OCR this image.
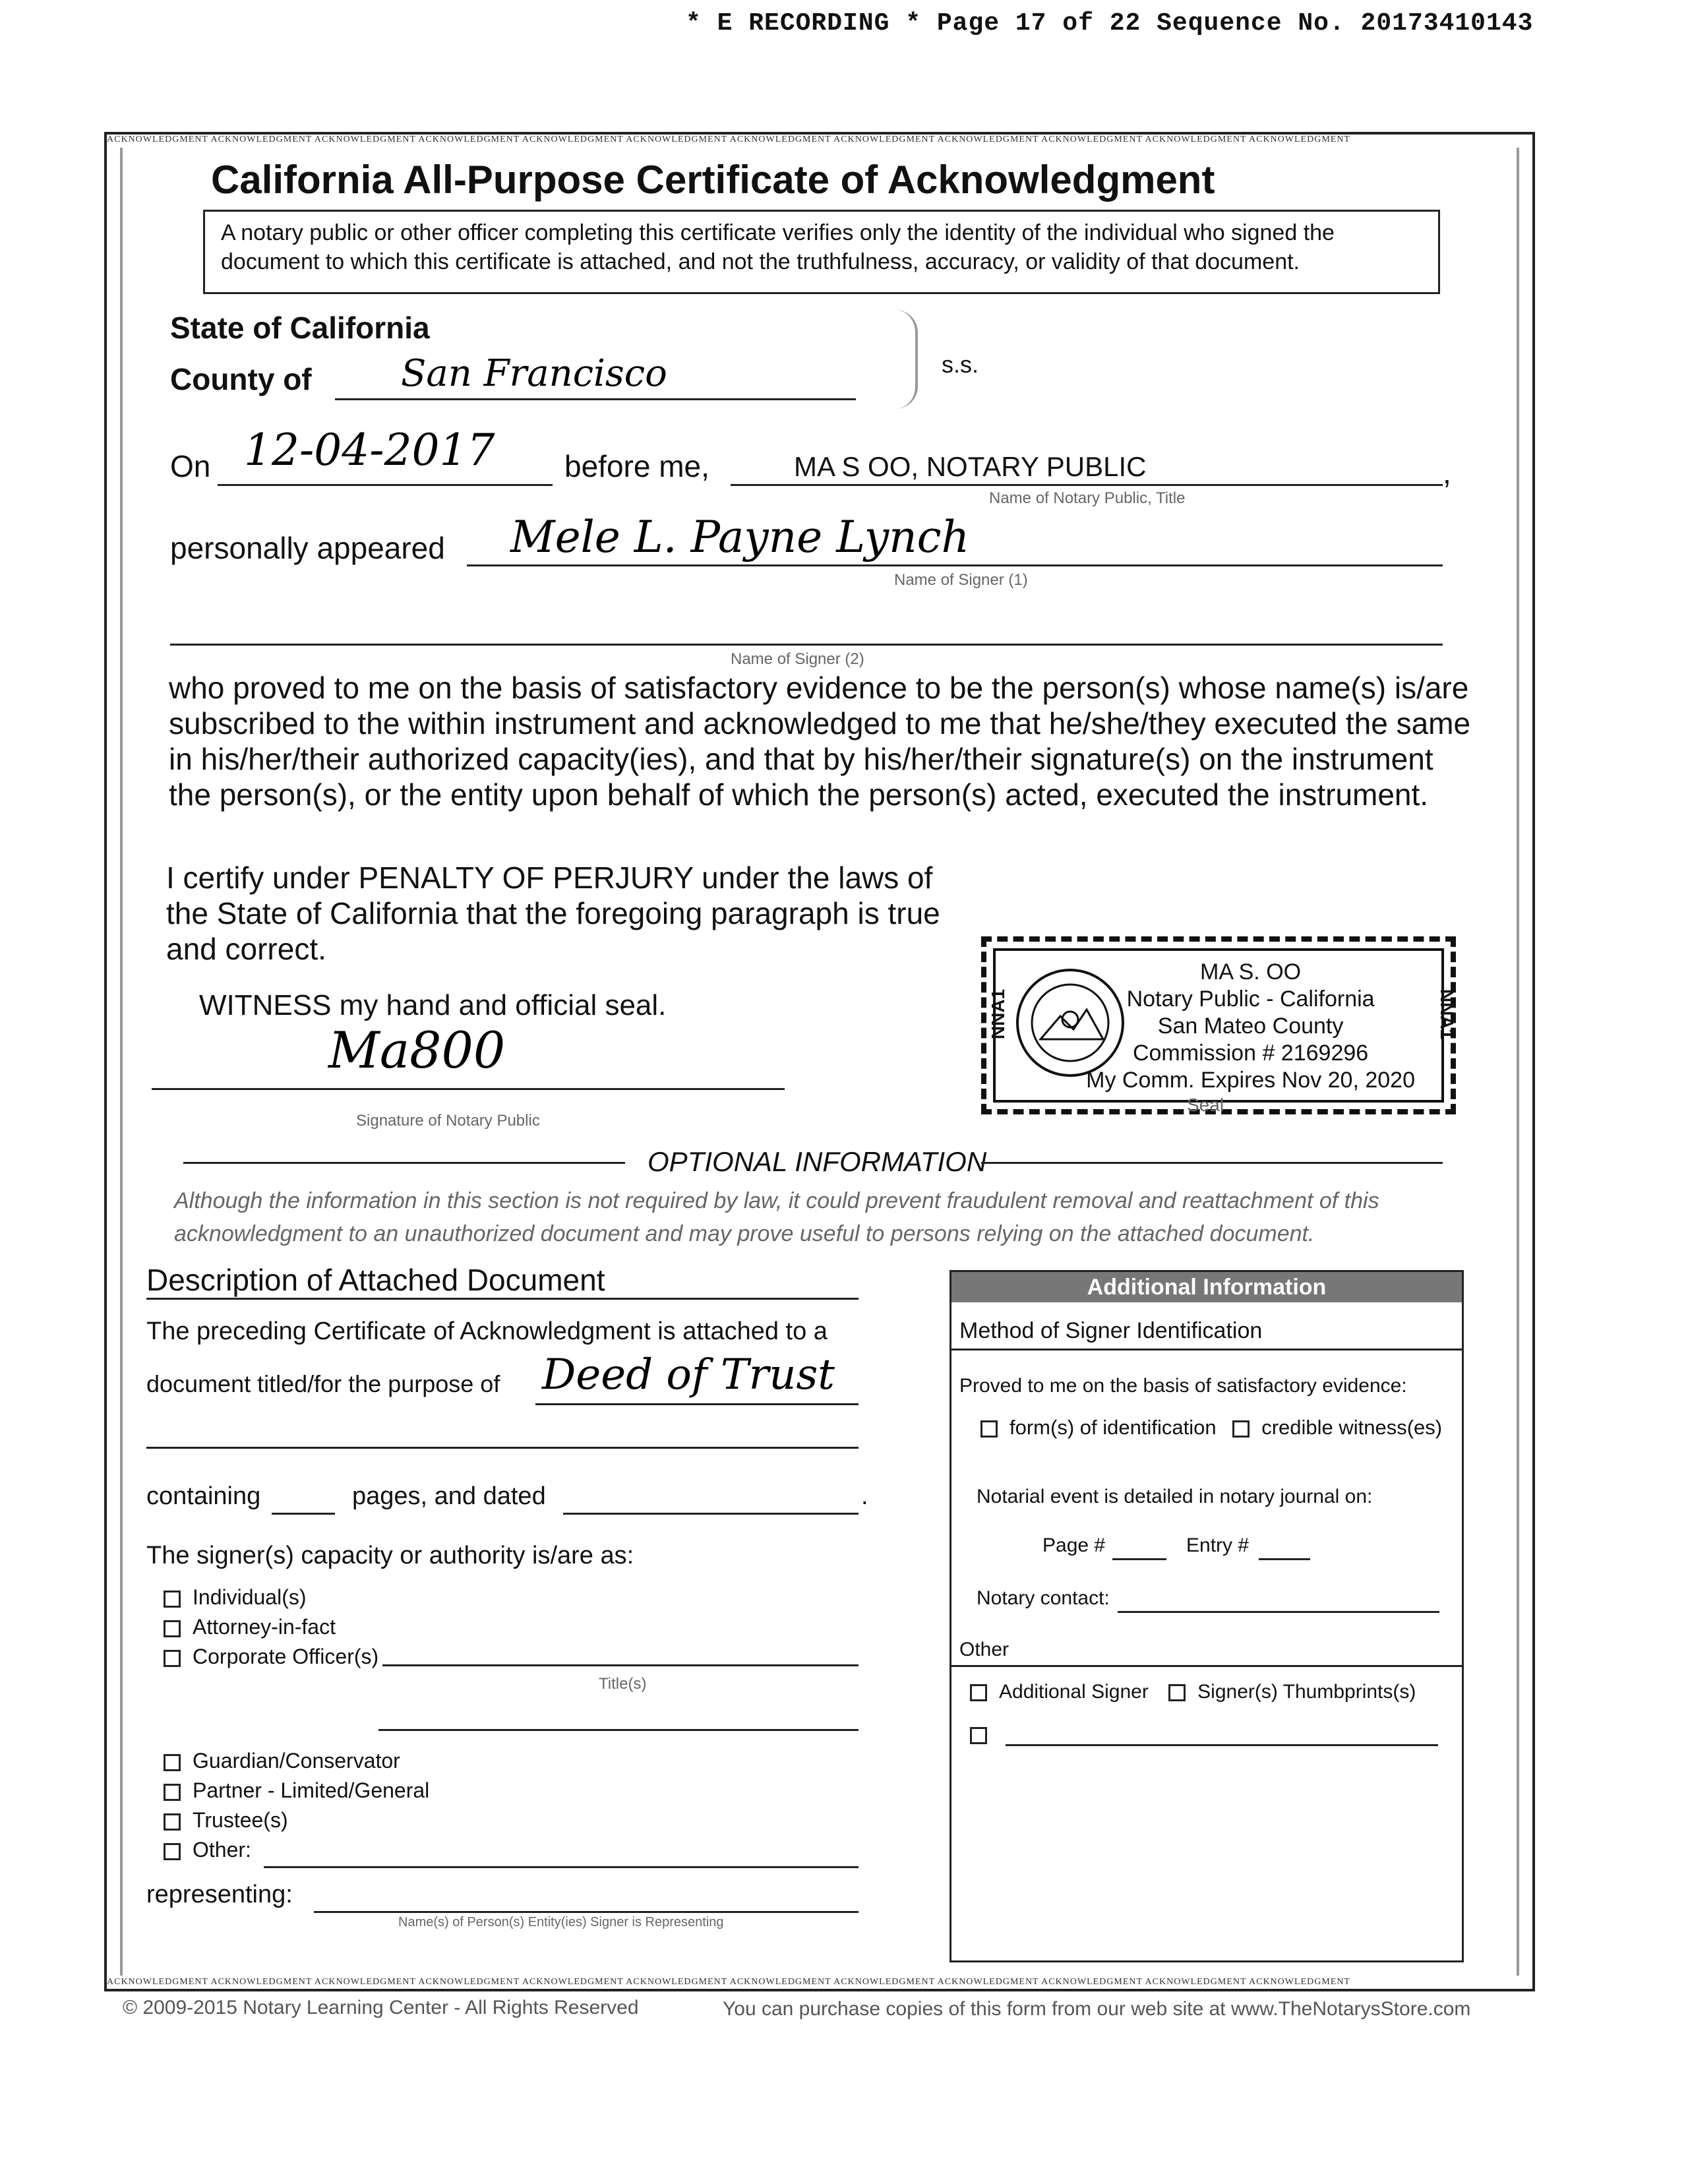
* E RECORDING * Page 17 of 22 Sequence No. 20173410143
ACKNOWLEDGMENT ACKNOWLEDGMENT ACKNOWLEDGMENT ACKNOWLEDGMENT ACKNOWLEDGMENT ACKNOWLEDGMENT ACKNOWLEDGMENT ACKNOWLEDGMENT ACKNOWLEDGMENT ACKNOWLEDGMENT ACKNOWLEDGMENT ACKNOWLEDGMENT
ACKNOWLEDGMENT ACKNOWLEDGMENT ACKNOWLEDGMENT ACKNOWLEDGMENT ACKNOWLEDGMENT ACKNOWLEDGMENT ACKNOWLEDGMENT ACKNOWLEDGMENT ACKNOWLEDGMENT ACKNOWLEDGMENT ACKNOWLEDGMENT ACKNOWLEDGMENT
California All-Purpose Certificate of Acknowledgment
A notary public or other officer completing this certificate verifies only the identity of the individual who signed the document to which this certificate is attached, and not the truthfulness, accuracy, or validity of that document.
State of California
County of San Francisco	s.s.
On 12-04-2017 before me,	MA S OO, NOTARY PUBLIC	,
Name of Notary Public, Title
personally appeared Mele L. Payne Lynch
Name of Signer (1)
Name of Signer (2)
who proved to me on the basis of satisfactory evidence to be the person(s) whose name(s) is/are subscribed to the within instrument and acknowledged to me that he/she/they executed the same in his/her/their authorized capacity(ies), and that by his/her/their signature(s) on the instrument the person(s), or the entity upon behalf of which the person(s) acted, executed the instrument.
I certify under PENALTY OF PERJURY under the laws of the State of California that the foregoing paragraph is true and correct.
WITNESS my hand and official seal.
Ma800
Signature of Notary Public
NNA1	NNA1
MA S. OO
Notary Public - California
San Mateo County
Commission # 2169296
My Comm. Expires Nov 20, 2020
Seal
OPTIONAL INFORMATION
Although the information in this section is not required by law, it could prevent fraudulent removal and reattachment of this acknowledgment to an unauthorized document and may prove useful to persons relying on the attached document.
Description of Attached Document
The preceding Certificate of Acknowledgment is attached to a
document titled/for the purpose of Deed of Trust
containing	pages, and dated	.
The signer(s) capacity or authority is/are as:
Individual(s)
Attorney-in-fact
Corporate Officer(s)
Title(s)
Guardian/Conservator
Partner - Limited/General
Trustee(s)
Other:
representing:
Name(s) of Person(s) Entity(ies) Signer is Representing
Additional Information
Method of Signer Identification
Proved to me on the basis of satisfactory evidence:
form(s) of identification credible witness(es)
Notarial event is detailed in notary journal on:
Page #	Entry #
Notary contact:
Other
Additional Signer Signer(s) Thumbprints(s)
© 2009-2015 Notary Learning Center - All Rights Reserved	You can purchase copies of this form from our web site at www.TheNotarysStore.com
